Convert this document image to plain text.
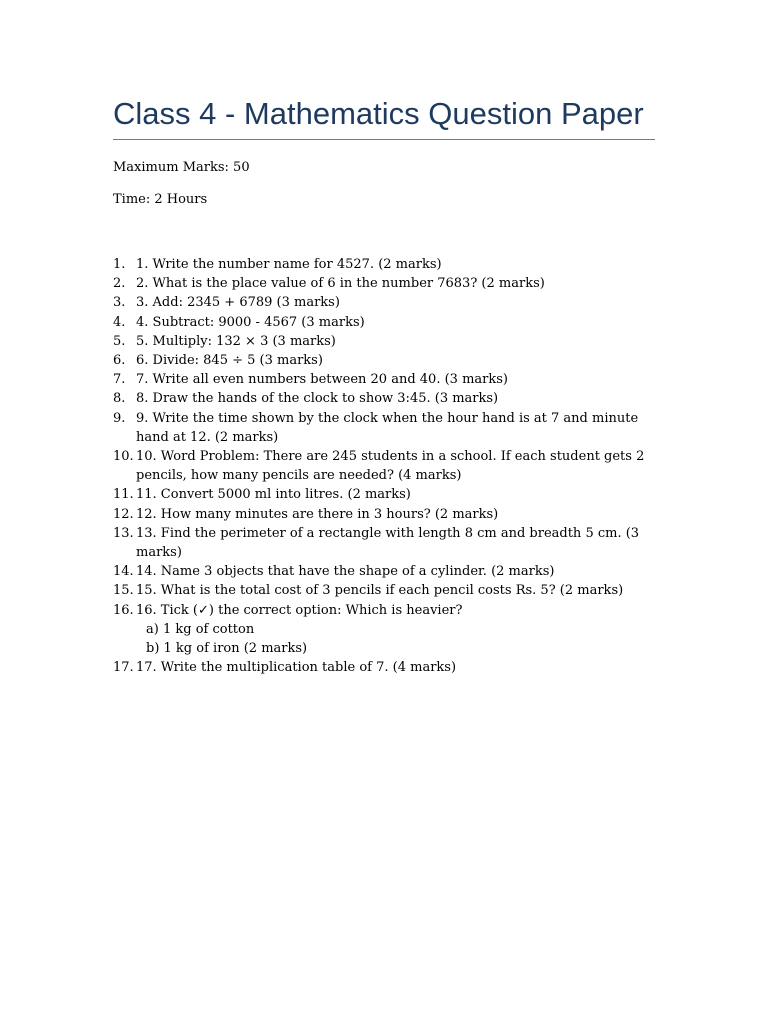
Class 4 - Mathematics Question Paper
Maximum Marks: 50
Time: 2 Hours
1. 1. Write the number name for 4527. (2 marks)
2. 2. What is the place value of 6 in the number 7683? (2 marks)
3. 3. Add: 2345 + 6789 (3 marks)
4. 4. Subtract: 9000 - 4567 (3 marks)
5. 5. Multiply: 132 × 3 (3 marks)
6. 6. Divide: 845 ÷ 5 (3 marks)
7. 7. Write all even numbers between 20 and 40. (3 marks)
8. 8. Draw the hands of the clock to show 3:45. (3 marks)
9. 9. Write the time shown by the clock when the hour hand is at 7 and minute hand at 12. (2 marks)
10. 10. Word Problem: There are 245 students in a school. If each student gets 2 pencils, how many pencils are needed? (4 marks)
11. 11. Convert 5000 ml into litres. (2 marks)
12. 12. How many minutes are there in 3 hours? (2 marks)
13. 13. Find the perimeter of a rectangle with length 8 cm and breadth 5 cm. (3 marks)
14. 14. Name 3 objects that have the shape of a cylinder. (2 marks)
15. 15. What is the total cost of 3 pencils if each pencil costs Rs. 5? (2 marks)
16. 16. Tick (✓) the correct option: Which is heavier?
a) 1 kg of cotton
b) 1 kg of iron (2 marks)
17. 17. Write the multiplication table of 7. (4 marks)
